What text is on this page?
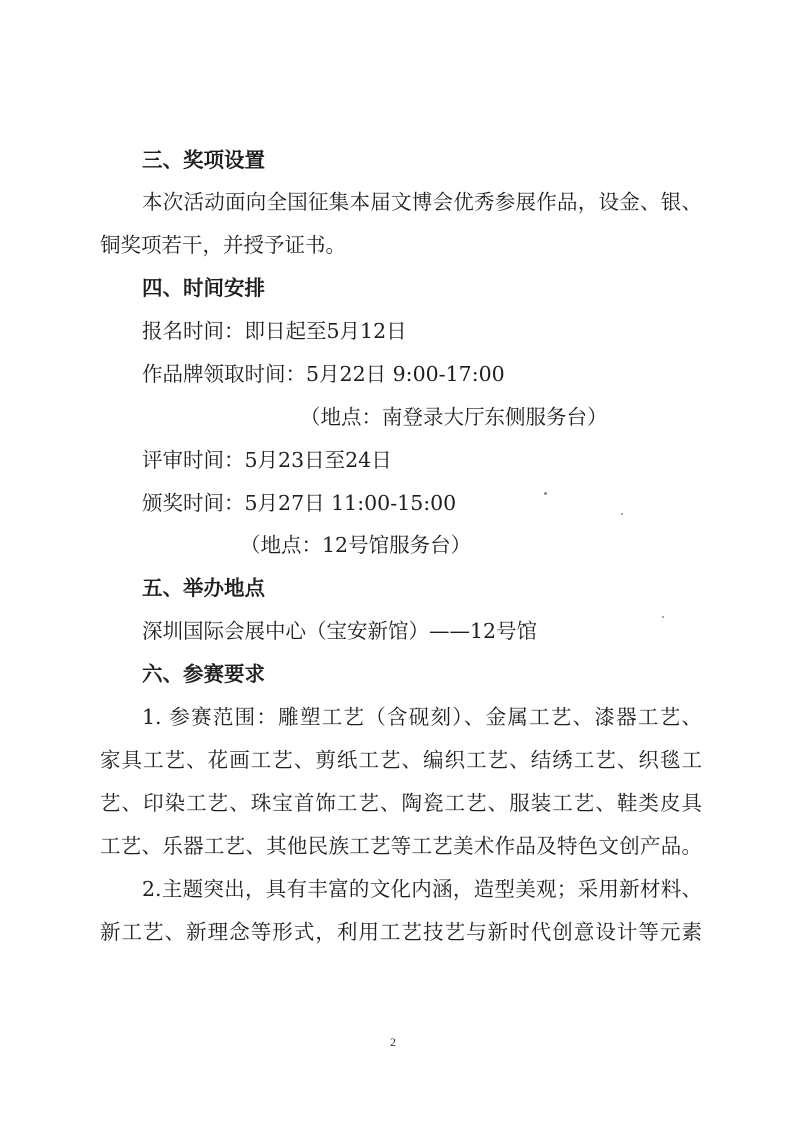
三、奖项设置
本次活动面向全国征集本届文博会优秀参展作品，设金、银、
铜奖项若干，并授予证书。
四、时间安排
报名时间：即日起至5月12日
作品牌领取时间：5月22日 9:00-17:00
（地点：南登录大厅东侧服务台）
评审时间：5月23日至24日
颁奖时间：5月27日 11:00-15:00
（地点：12号馆服务台）
五、举办地点
深圳国际会展中心（宝安新馆）——12号馆
六、参赛要求
1. 参赛范围：雕塑工艺（含砚刻）、金属工艺、漆器工艺、
家具工艺、花画工艺、剪纸工艺、编织工艺、结绣工艺、织毯工
艺、印染工艺、珠宝首饰工艺、陶瓷工艺、服装工艺、鞋类皮具
工艺、乐器工艺、其他民族工艺等工艺美术作品及特色文创产品。
2.主题突出，具有丰富的文化内涵，造型美观；采用新材料、
新工艺、新理念等形式，利用工艺技艺与新时代创意设计等元素
2
